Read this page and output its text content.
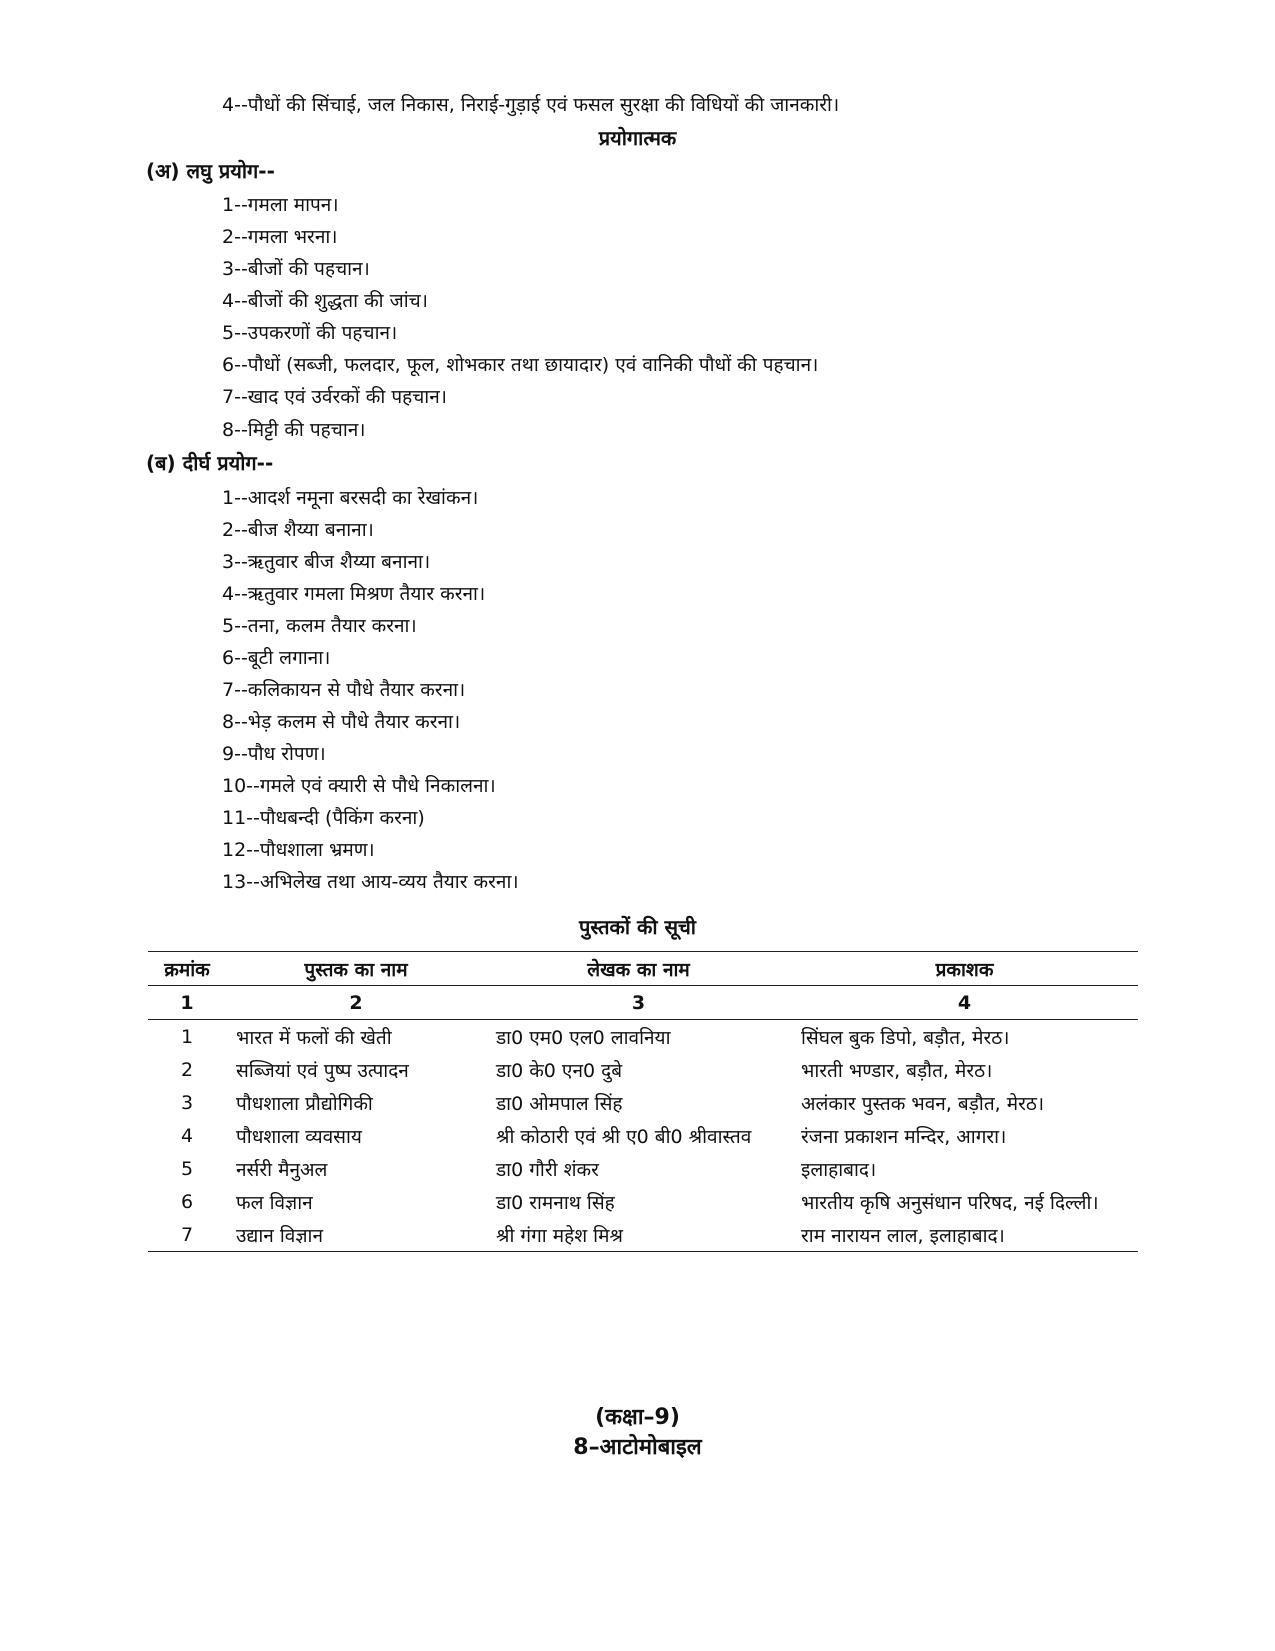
4--पौधों की सिंचाई, जल निकास, निराई-गुड़ाई एवं फसल सुरक्षा की विधियों की जानकारी।
प्रयोगात्मक
(अ) लघु प्रयोग--
1--गमला मापन।
2--गमला भरना।
3--बीजों की पहचान।
4--बीजों की शुद्धता की जांच।
5--उपकरणों की पहचान।
6--पौधों (सब्जी, फलदार, फूल, शोभकार तथा छायादार) एवं वानिकी पौधों की पहचान।
7--खाद एवं उर्वरकों की पहचान।
8--मिट्टी की पहचान।
(ब) दीर्घ प्रयोग--
1--आदर्श नमूना बरसदी का रेखांकन।
2--बीज शैय्या बनाना।
3--ऋतुवार बीज शैय्या बनाना।
4--ऋतुवार गमला मिश्रण तैयार करना।
5--तना, कलम तैयार करना।
6--बूटी लगाना।
7--कलिकायन से पौधे तैयार करना।
8--भेड़ कलम से पौधे तैयार करना।
9--पौध रोपण।
10--गमले एवं क्यारी से पौधे निकालना।
11--पौधबन्दी (पैकिंग करना)
12--पौधशाला भ्रमण।
13--अभिलेख तथा आय-व्यय तैयार करना।
पुस्तकों की सूची
क्रमांक	पुस्तक का नाम	लेखक का नाम	प्रकाशक
1	2	3	4
1	भारत में फलों की खेती	डा0 एम0 एल0 लावनिया	सिंघल बुक डिपो, बड़ौत, मेरठ।
2	सब्जियां एवं पुष्प उत्पादन	डा0 के0 एन0 दुबे	भारती भण्डार, बड़ौत, मेरठ।
3	पौधशाला प्रौद्योगिकी	डा0 ओमपाल सिंह	अलंकार पुस्तक भवन, बड़ौत, मेरठ।
4	पौधशाला व्यवसाय	श्री कोठारी एवं श्री ए0 बी0 श्रीवास्तव	रंजना प्रकाशन मन्दिर, आगरा।
5	नर्सरी मैनुअल	डा0 गौरी शंकर	इलाहाबाद।
6	फल विज्ञान	डा0 रामनाथ सिंह	भारतीय कृषि अनुसंधान परिषद, नई दिल्ली।
7	उद्यान विज्ञान	श्री गंगा महेश मिश्र	राम नारायन लाल, इलाहाबाद।
(कक्षा–9)
8–आटोमोबाइल
